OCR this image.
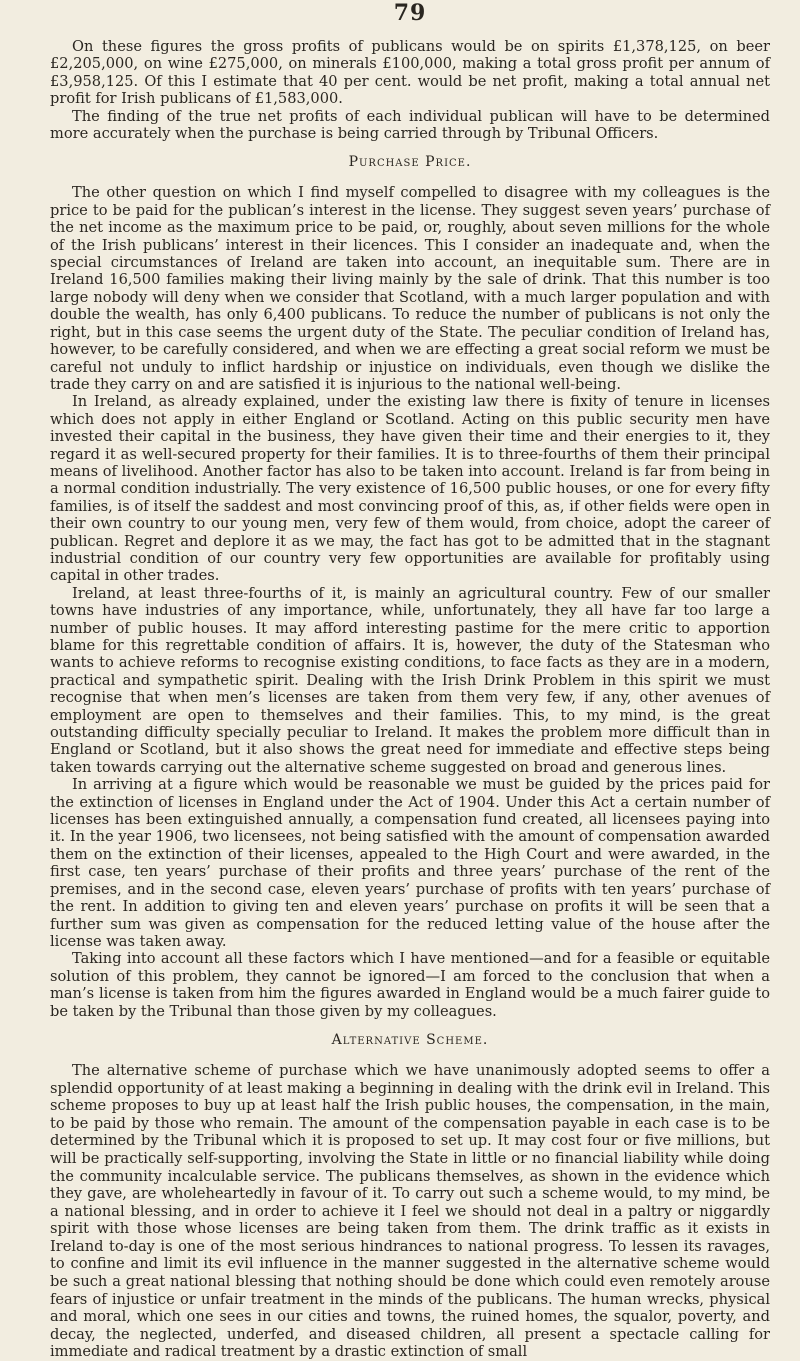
79

On these figures the gross profits of publicans would be on spirits £1,378,125, on beer £2,205,000, on wine £275,000, on minerals £100,000, making a total gross profit per annum of £3,958,125. Of this I estimate that 40 per cent. would be net profit, making a total annual net profit for Irish publicans of £1,583,000.

The finding of the true net profits of each individual publican will have to be determined more accurately when the purchase is being carried through by Tribunal Officers.

Purchase Price.

The other question on which I find myself compelled to disagree with my colleagues is the price to be paid for the publican’s interest in the license. They suggest seven years’ purchase of the net income as the maximum price to be paid, or, roughly, about seven millions for the whole of the Irish publicans’ interest in their licences. This I consider an inadequate and, when the special circumstances of Ireland are taken into account, an inequitable sum. There are in Ireland 16,500 families making their living mainly by the sale of drink. That this number is too large nobody will deny when we consider that Scotland, with a much larger population and with double the wealth, has only 6,400 publicans. To reduce the number of publicans is not only the right, but in this case seems the urgent duty of the State. The peculiar condition of Ireland has, however, to be carefully considered, and when we are effecting a great social reform we must be careful not unduly to inflict hardship or injustice on individuals, even though we dislike the trade they carry on and are satisfied it is injurious to the national well-being.

In Ireland, as already explained, under the existing law there is fixity of tenure in licenses which does not apply in either England or Scotland. Acting on this public security men have invested their capital in the business, they have given their time and their energies to it, they regard it as well-secured property for their families. It is to three-fourths of them their principal means of livelihood. Another factor has also to be taken into account. Ireland is far from being in a normal condition industrially. The very existence of 16,500 public houses, or one for every fifty families, is of itself the saddest and most convincing proof of this, as, if other fields were open in their own country to our young men, very few of them would, from choice, adopt the career of publican. Regret and deplore it as we may, the fact has got to be admitted that in the stagnant industrial condition of our country very few opportunities are available for profitably using capital in other trades.

Ireland, at least three-fourths of it, is mainly an agricultural country. Few of our smaller towns have industries of any importance, while, unfortunately, they all have far too large a number of public houses. It may afford interesting pastime for the mere critic to apportion blame for this regrettable condition of affairs. It is, however, the duty of the Statesman who wants to achieve reforms to recognise existing conditions, to face facts as they are in a modern, practical and sympathetic spirit. Dealing with the Irish Drink Problem in this spirit we must recognise that when men’s licenses are taken from them very few, if any, other avenues of employment are open to themselves and their families. This, to my mind, is the great outstanding difficulty specially peculiar to Ireland. It makes the problem more difficult than in England or Scotland, but it also shows the great need for immediate and effective steps being taken towards carrying out the alternative scheme suggested on broad and generous lines.

In arriving at a figure which would be reasonable we must be guided by the prices paid for the extinction of licenses in England under the Act of 1904. Under this Act a certain number of licenses has been extinguished annually, a compensation fund created, all licensees paying into it. In the year 1906, two licensees, not being satisfied with the amount of compensation awarded them on the extinction of their licenses, appealed to the High Court and were awarded, in the first case, ten years’ purchase of their profits and three years’ purchase of the rent of the premises, and in the second case, eleven years’ purchase of profits with ten years’ purchase of the rent. In addition to giving ten and eleven years’ purchase on profits it will be seen that a further sum was given as compensation for the reduced letting value of the house after the license was taken away.

Taking into account all these factors which I have mentioned—and for a feasible or equitable solution of this problem, they cannot be ignored—I am forced to the conclusion that when a man’s license is taken from him the figures awarded in England would be a much fairer guide to be taken by the Tribunal than those given by my colleagues.

Alternative Scheme.

The alternative scheme of purchase which we have unanimously adopted seems to offer a splendid opportunity of at least making a beginning in dealing with the drink evil in Ireland. This scheme proposes to buy up at least half the Irish public houses, the compensation, in the main, to be paid by those who remain. The amount of the compensation payable in each case is to be determined by the Tribunal which it is proposed to set up. It may cost four or five millions, but will be practically self-supporting, involving the State in little or no financial liability while doing the community incalculable service. The publicans themselves, as shown in the evidence which they gave, are wholeheartedly in favour of it. To carry out such a scheme would, to my mind, be a national blessing, and in order to achieve it I feel we should not deal in a paltry or niggardly spirit with those whose licenses are being taken from them. The drink traffic as it exists in Ireland to-day is one of the most serious hindrances to national progress. To lessen its ravages, to confine and limit its evil influence in the manner suggested in the alternative scheme would be such a great national blessing that nothing should be done which could even remotely arouse fears of injustice or unfair treatment in the minds of the publicans. The human wrecks, physical and moral, which one sees in our cities and towns, the ruined homes, the squalor, poverty, and decay, the neglected, underfed, and diseased children, all present a spectacle calling for immediate and radical treatment by a drastic extinction of small
